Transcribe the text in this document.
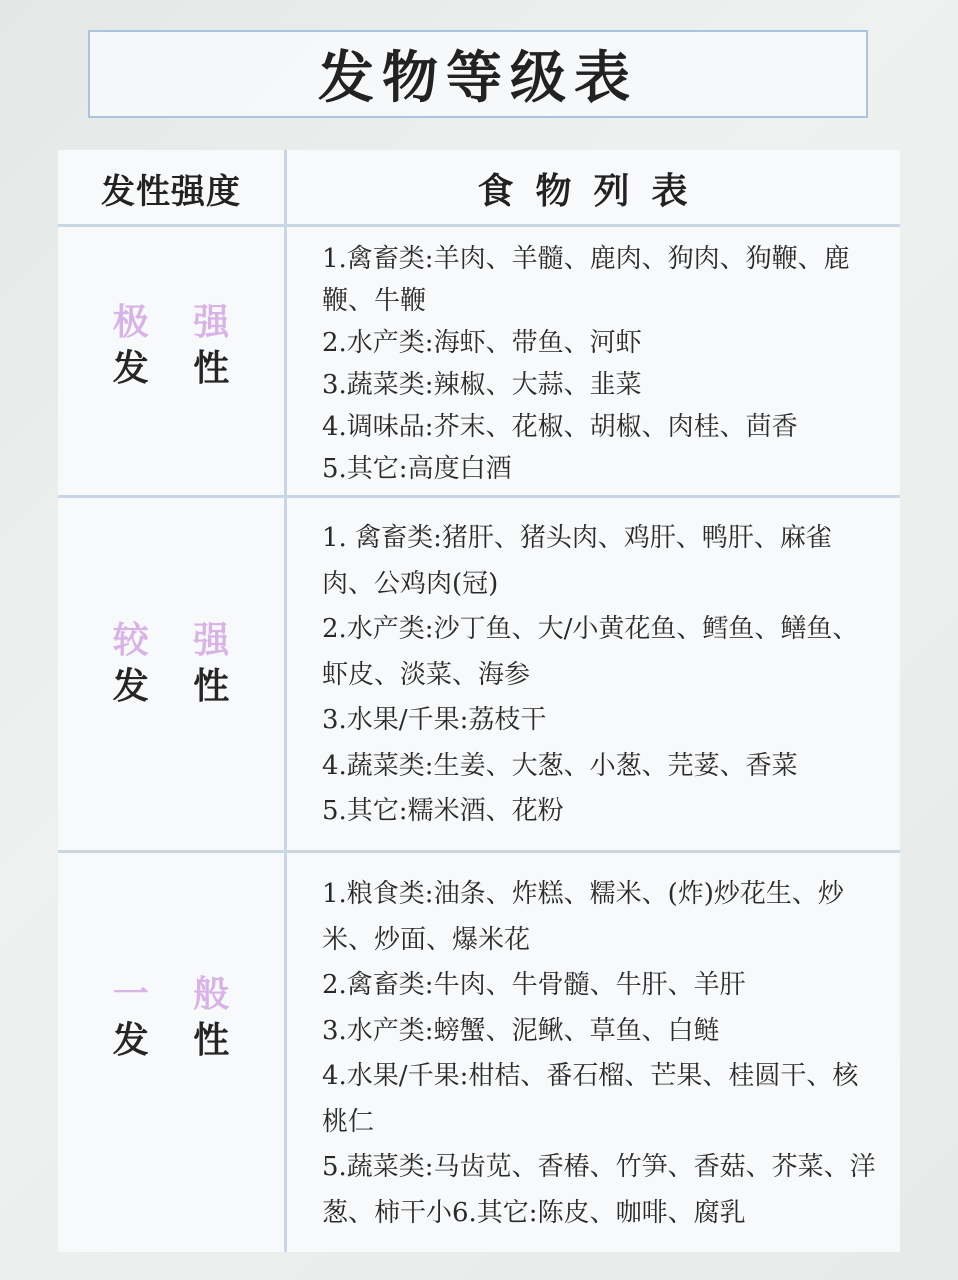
发物等级表
发性强度	食物列表
极 强
发 性

1.禽畜类:羊肉、羊髓、鹿肉、狗肉、狗鞭、鹿鞭、牛鞭

2.水产类:海虾、带鱼、河虾

3.蔬菜类:辣椒、大蒜、韭菜

4.调味品:芥末、花椒、胡椒、肉桂、茴香

5.其它:高度白酒

较 强
发 性

1. 禽畜类:猪肝、猪头肉、鸡肝、鸭肝、麻雀肉、公鸡肉(冠)

2.水产类:沙丁鱼、大/小黄花鱼、鳕鱼、鳝鱼、虾皮、淡菜、海参

3.水果/千果:荔枝干

4.蔬菜类:生姜、大葱、小葱、芫荽、香菜

5.其它:糯米酒、花粉

一 般
发 性

1.粮食类:油条、炸糕、糯米、(炸)炒花生、炒米、炒面、爆米花

2.禽畜类:牛肉、牛骨髓、牛肝、羊肝

3.水产类:螃蟹、泥鳅、草鱼、白鲢

4.水果/千果:柑桔、番石榴、芒果、桂圆干、核桃仁

5.蔬菜类:马齿苋、香椿、竹笋、香菇、芥菜、洋葱、柿干小6.其它:陈皮、咖啡、腐乳
